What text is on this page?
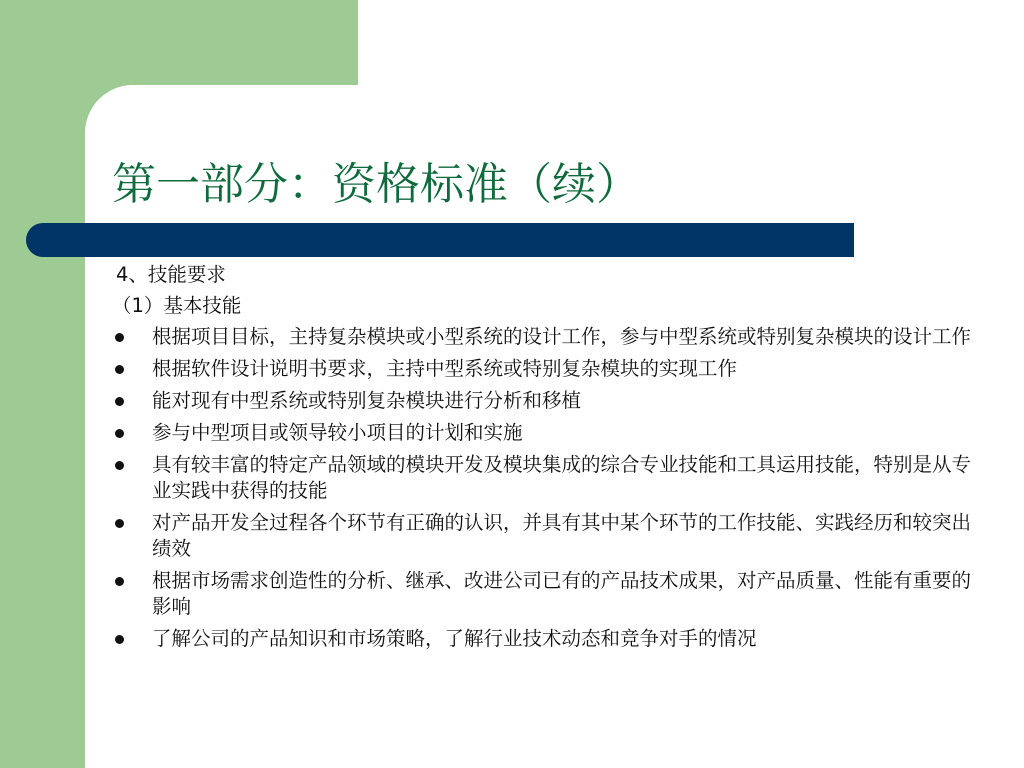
第一部分：资格标准（续）
4、技能要求
（1）基本技能
根据项目目标，主持复杂模块或小型系统的设计工作，参与中型系统或特别复杂模块的设计工作
根据软件设计说明书要求，主持中型系统或特别复杂模块的实现工作
能对现有中型系统或特别复杂模块进行分析和移植
参与中型项目或领导较小项目的计划和实施
具有较丰富的特定产品领域的模块开发及模块集成的综合专业技能和工具运用技能，特别是从专业实践中获得的技能
对产品开发全过程各个环节有正确的认识，并具有其中某个环节的工作技能、实践经历和较突出绩效
根据市场需求创造性的分析、继承、改进公司已有的产品技术成果，对产品质量、性能有重要的影响
了解公司的产品知识和市场策略，了解行业技术动态和竞争对手的情况
